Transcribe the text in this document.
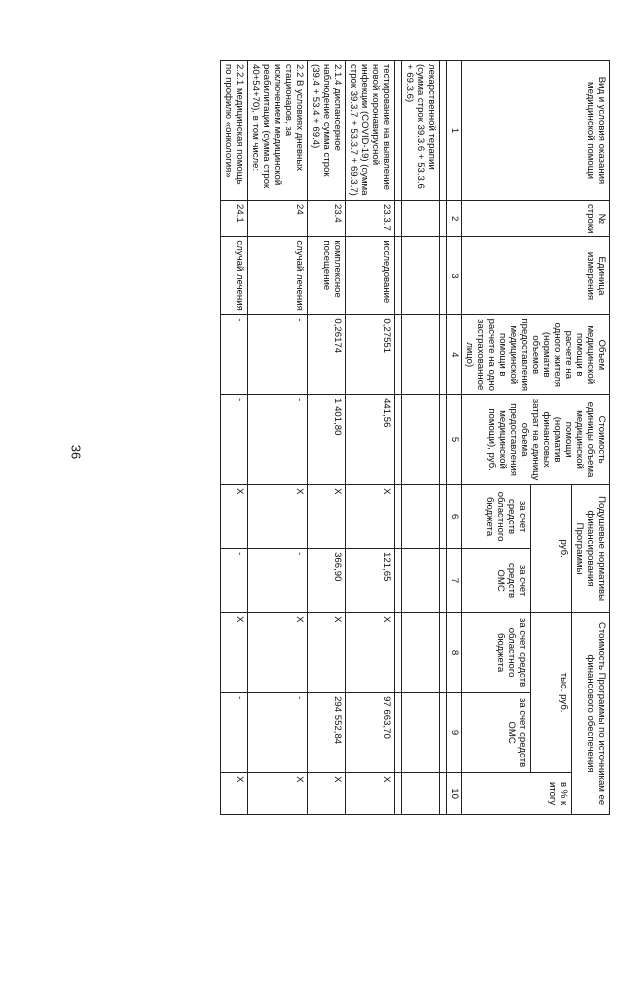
36
Вид и условия оказания медицинской помощи	№ строки	Единица измерения	Объем медицинской помощи в расчете на одного жителя (норматив объемов предоставления медицинской помощи в расчете на одно застрахованное лицо)	Стоимость единицы объема медицинской помощи (норматив финансовых затрат на единицу объема предоставления медицинской помощи), руб.	Подушевые нормативы финансирования Программы		Стоимость Программы по источникам ее финансового обеспечения		
					руб.		тыс. руб.		в % к итогу
					за счет средств областного бюджета	за счет средств ОМС	за счет средств областного бюджета	за счет средств ОМС	
1	2	3	4	5	6	7	8	9	10

лекарственной терапии (сумма строк 39.3.6 + 53.3.6 + 69.3.6)									

тестирование на выявление новой коронавирусной инфекции (COVID-19) (сумма строк 39.3.7 + 53.3.7 + 69.3.7)	23.3.7	исследование	0,27551	441,56	Х	121,65	Х	97 663,70	Х
2.1.4 диспансерное наблюдение сумма строк (39.4 + 53.4 + 69.4)	23.4	комплексное посещение	0,26174	1 401,80	Х	366,90	Х	294 552,84	Х
2.2 В условиях дневных стационаров, за исключением медицинской реабилитации (сумма строк 40+54+70), в том числе:	24	случай лечения	-	-	Х	-	Х	-	Х
2.2.1 медицинская помощь по профилю «онкология»	24.1	случай лечения	-	-	Х	-	Х	-	Х
